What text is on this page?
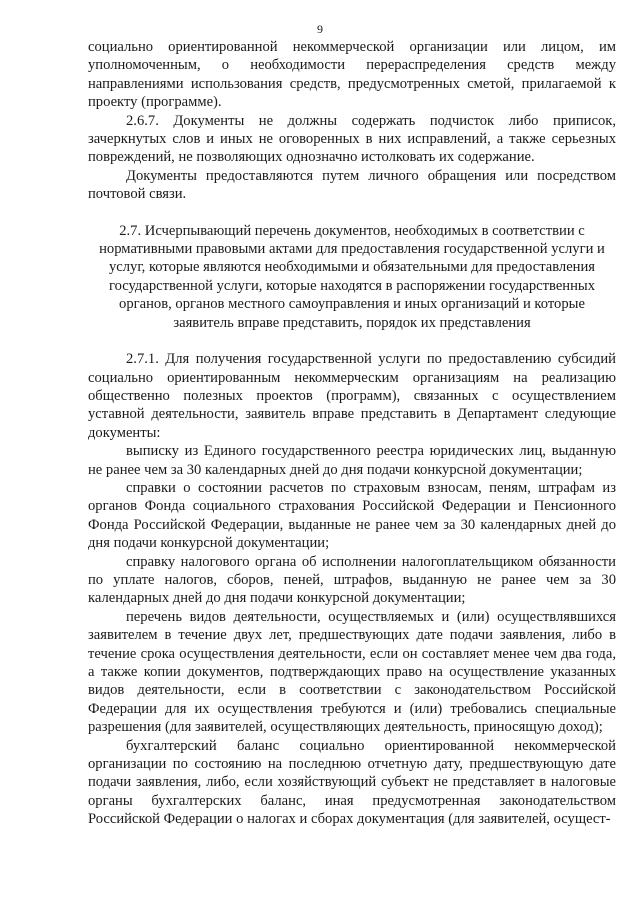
9

социально ориентированной некоммерческой организации или лицом, им уполномоченным, о необходимости перераспределения средств между направлениями использования средств, предусмотренных сметой, прилагаемой к проекту (программе).

2.6.7. Документы не должны содержать подчисток либо приписок, зачеркнутых слов и иных не оговоренных в них исправлений, а также серьезных повреждений, не позволяющих однозначно истолковать их содержание.

Документы предоставляются путем личного обращения или посредством почтовой связи.

2.7. Исчерпывающий перечень документов, необходимых в соответствии с нормативными правовыми актами для предоставления государственной услуги и услуг, которые являются необходимыми и обязательными для предоставления государственной услуги, которые находятся в распоряжении государственных органов, органов местного самоуправления и иных организаций и которые заявитель вправе представить, порядок их представления

2.7.1. Для получения государственной услуги по предоставлению субсидий социально ориентированным некоммерческим организациям на реализацию общественно полезных проектов (программ), связанных с осуществлением уставной деятельности, заявитель вправе представить в Департамент следующие документы:

выписку из Единого государственного реестра юридических лиц, выданную не ранее чем за 30 календарных дней до дня подачи конкурсной документации;

справки о состоянии расчетов по страховым взносам, пеням, штрафам из органов Фонда социального страхования Российской Федерации и Пенсионного Фонда Российской Федерации, выданные не ранее чем за 30 календарных дней до дня подачи конкурсной документации;

справку налогового органа об исполнении налогоплательщиком обязанности по уплате налогов, сборов, пеней, штрафов, выданную не ранее чем за 30 календарных дней до дня подачи конкурсной документации;

перечень видов деятельности, осуществляемых и (или) осуществлявшихся заявителем в течение двух лет, предшествующих дате подачи заявления, либо в течение срока осуществления деятельности, если он составляет менее чем два года, а также копии документов, подтверждающих право на осуществление указанных видов деятельности, если в соответствии с законодательством Российской Федерации для их осуществления требуются и (или) требовались специальные разрешения (для заявителей, осуществляющих деятельность, приносящую доход);

бухгалтерский баланс социально ориентированной некоммерческой организации по состоянию на последнюю отчетную дату, предшествующую дате подачи заявления, либо, если хозяйствующий субъект не представляет в налоговые органы бухгалтерских баланс, иная предусмотренная законодательством Российской Федерации о налогах и сборах документация (для заявителей, осущест-
